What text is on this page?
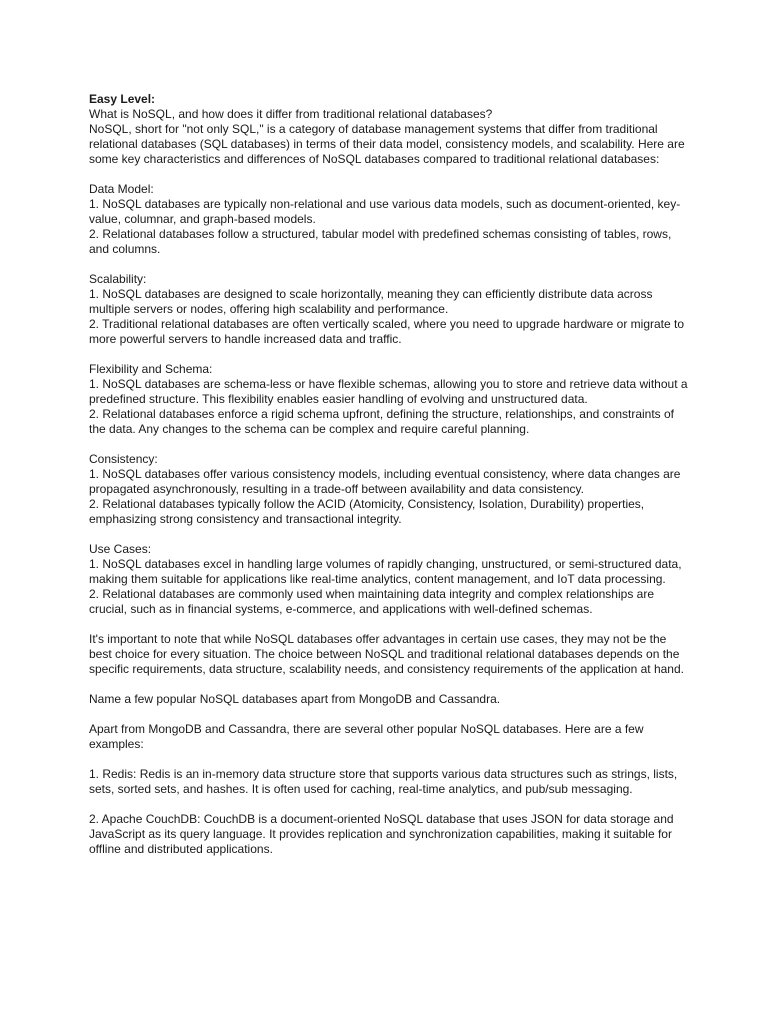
Easy Level:

What is NoSQL, and how does it differ from traditional relational databases?

NoSQL, short for "not only SQL," is a category of database management systems that differ from traditional relational databases (SQL databases) in terms of their data model, consistency models, and scalability. Here are some key characteristics and differences of NoSQL databases compared to traditional relational databases:

Data Model:

1. NoSQL databases are typically non-relational and use various data models, such as document-oriented, key-value, columnar, and graph-based models.

2. Relational databases follow a structured, tabular model with predefined schemas consisting of tables, rows, and columns.

Scalability:

1. NoSQL databases are designed to scale horizontally, meaning they can efficiently distribute data across multiple servers or nodes, offering high scalability and performance.

2. Traditional relational databases are often vertically scaled, where you need to upgrade hardware or migrate to more powerful servers to handle increased data and traffic.

Flexibility and Schema:

1. NoSQL databases are schema-less or have flexible schemas, allowing you to store and retrieve data without a predefined structure. This flexibility enables easier handling of evolving and unstructured data.

2. Relational databases enforce a rigid schema upfront, defining the structure, relationships, and constraints of the data. Any changes to the schema can be complex and require careful planning.

Consistency:

1. NoSQL databases offer various consistency models, including eventual consistency, where data changes are propagated asynchronously, resulting in a trade-off between availability and data consistency.

2. Relational databases typically follow the ACID (Atomicity, Consistency, Isolation, Durability) properties, emphasizing strong consistency and transactional integrity.

Use Cases:

1. NoSQL databases excel in handling large volumes of rapidly changing, unstructured, or semi-structured data, making them suitable for applications like real-time analytics, content management, and IoT data processing.

2. Relational databases are commonly used when maintaining data integrity and complex relationships are crucial, such as in financial systems, e-commerce, and applications with well-defined schemas.

It's important to note that while NoSQL databases offer advantages in certain use cases, they may not be the best choice for every situation. The choice between NoSQL and traditional relational databases depends on the specific requirements, data structure, scalability needs, and consistency requirements of the application at hand.

Name a few popular NoSQL databases apart from MongoDB and Cassandra.

Apart from MongoDB and Cassandra, there are several other popular NoSQL databases. Here are a few examples:

1. Redis: Redis is an in-memory data structure store that supports various data structures such as strings, lists, sets, sorted sets, and hashes. It is often used for caching, real-time analytics, and pub/sub messaging.

2. Apache CouchDB: CouchDB is a document-oriented NoSQL database that uses JSON for data storage and JavaScript as its query language. It provides replication and synchronization capabilities, making it suitable for offline and distributed applications.
